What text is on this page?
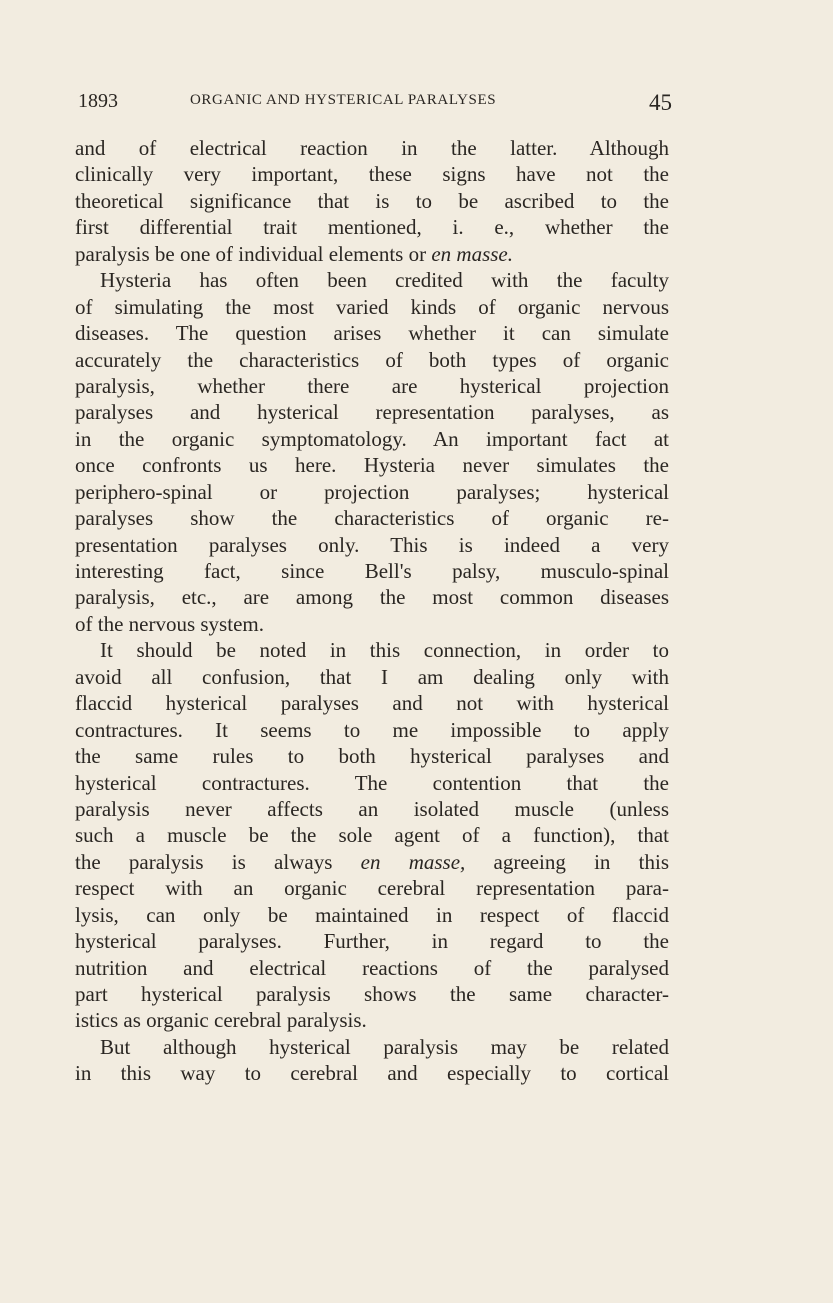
1893	ORGANIC AND HYSTERICAL PARALYSES	45
and of electrical reaction in the latter. Although
clinically very important, these signs have not the
theoretical significance that is to be ascribed to the
first differential trait mentioned, i. e., whether the
paralysis be one of individual elements or en masse.
Hysteria has often been credited with the faculty
of simulating the most varied kinds of organic nervous
diseases. The question arises whether it can simulate
accurately the characteristics of both types of organic
paralysis, whether there are hysterical projection
paralyses and hysterical representation paralyses, as
in the organic symptomatology. An important fact at
once confronts us here. Hysteria never simulates the
periphero-spinal or projection paralyses; hysterical
paralyses show the characteristics of organic re-
presentation paralyses only. This is indeed a very
interesting fact, since Bell's palsy, musculo-spinal
paralysis, etc., are among the most common diseases
of the nervous system.
It should be noted in this connection, in order to
avoid all confusion, that I am dealing only with
flaccid hysterical paralyses and not with hysterical
contractures. It seems to me impossible to apply
the same rules to both hysterical paralyses and
hysterical contractures. The contention that the
paralysis never affects an isolated muscle (unless
such a muscle be the sole agent of a function), that
the paralysis is always en masse, agreeing in this
respect with an organic cerebral representation para-
lysis, can only be maintained in respect of flaccid
hysterical paralyses. Further, in regard to the
nutrition and electrical reactions of the paralysed
part hysterical paralysis shows the same character-
istics as organic cerebral paralysis.
But although hysterical paralysis may be related
in this way to cerebral and especially to cortical
